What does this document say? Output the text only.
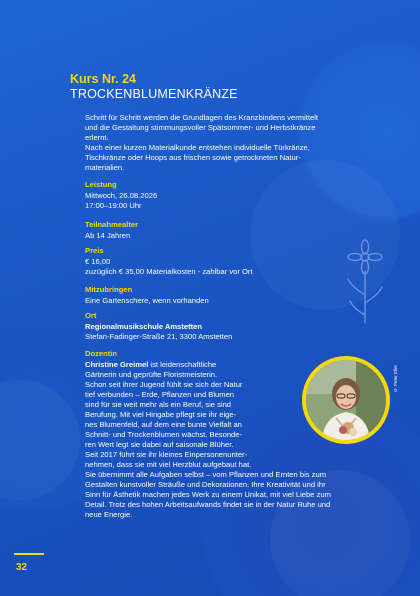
Kurs Nr. 24
TROCKENBLUMENKRÄNZE
Schritt für Schritt werden die Grundlagen des Kranzbindens vermittelt
und die Gestaltung stimmungsvoller Spätsommer- und Herbstkränze
erlernt.
Nach einer kurzen Materialkunde entstehen individuelle Türkränze,
Tischkränze oder Hoops aus frischen sowie getrockneten Natur-
materialien.
Leistung
Mittwoch, 26.08.2026
17:00–19:00 Uhr
Teilnahmealter
Ab 14 Jahren
Preis
€ 16,00
zuzüglich € 35,00 Materialkosten - zahlbar vor Ort
Mitzubringen
Eine Gartenschere, wenn vorhanden
Ort
Regionalmusikschule Amstetten
Stefan-Fadinger-Straße 21, 3300 Amstetten
Dozentin
Christine Greimel ist leidenschaftliche
Gärtnerin und geprüfte Floristmeisterin.
Schon seit ihrer Jugend fühlt sie sich der Natur
tief verbunden – Erde, Pflanzen und Blumen
sind für sie weit mehr als ein Beruf, sie sind
Berufung. Mit viel Hingabe pflegt sie ihr eige-
nes Blumenfeld, auf dem eine bunte Vielfalt an
Schnitt- und Trockenblumen wächst. Besonde-
ren Wert legt sie dabei auf saisonale Blüher.
Seit 2017 führt sie ihr kleines Einpersonenunter-
nehmen, dass sie mit viel Herzblut aufgebaut hat.
Sie übernimmt alle Aufgaben selbst – vom Pflanzen und Ernten bis zum
Gestalten kunstvoller Sträuße und Dekorationen. Ihre Kreativität und ihr
Sinn für Ästhetik machen jedes Werk zu einem Unikat, mit viel Liebe zum
Detail. Trotz des hohen Arbeitsaufwands findet sie in der Natur Ruhe und
neue Energie.
© Peter Eller
32
